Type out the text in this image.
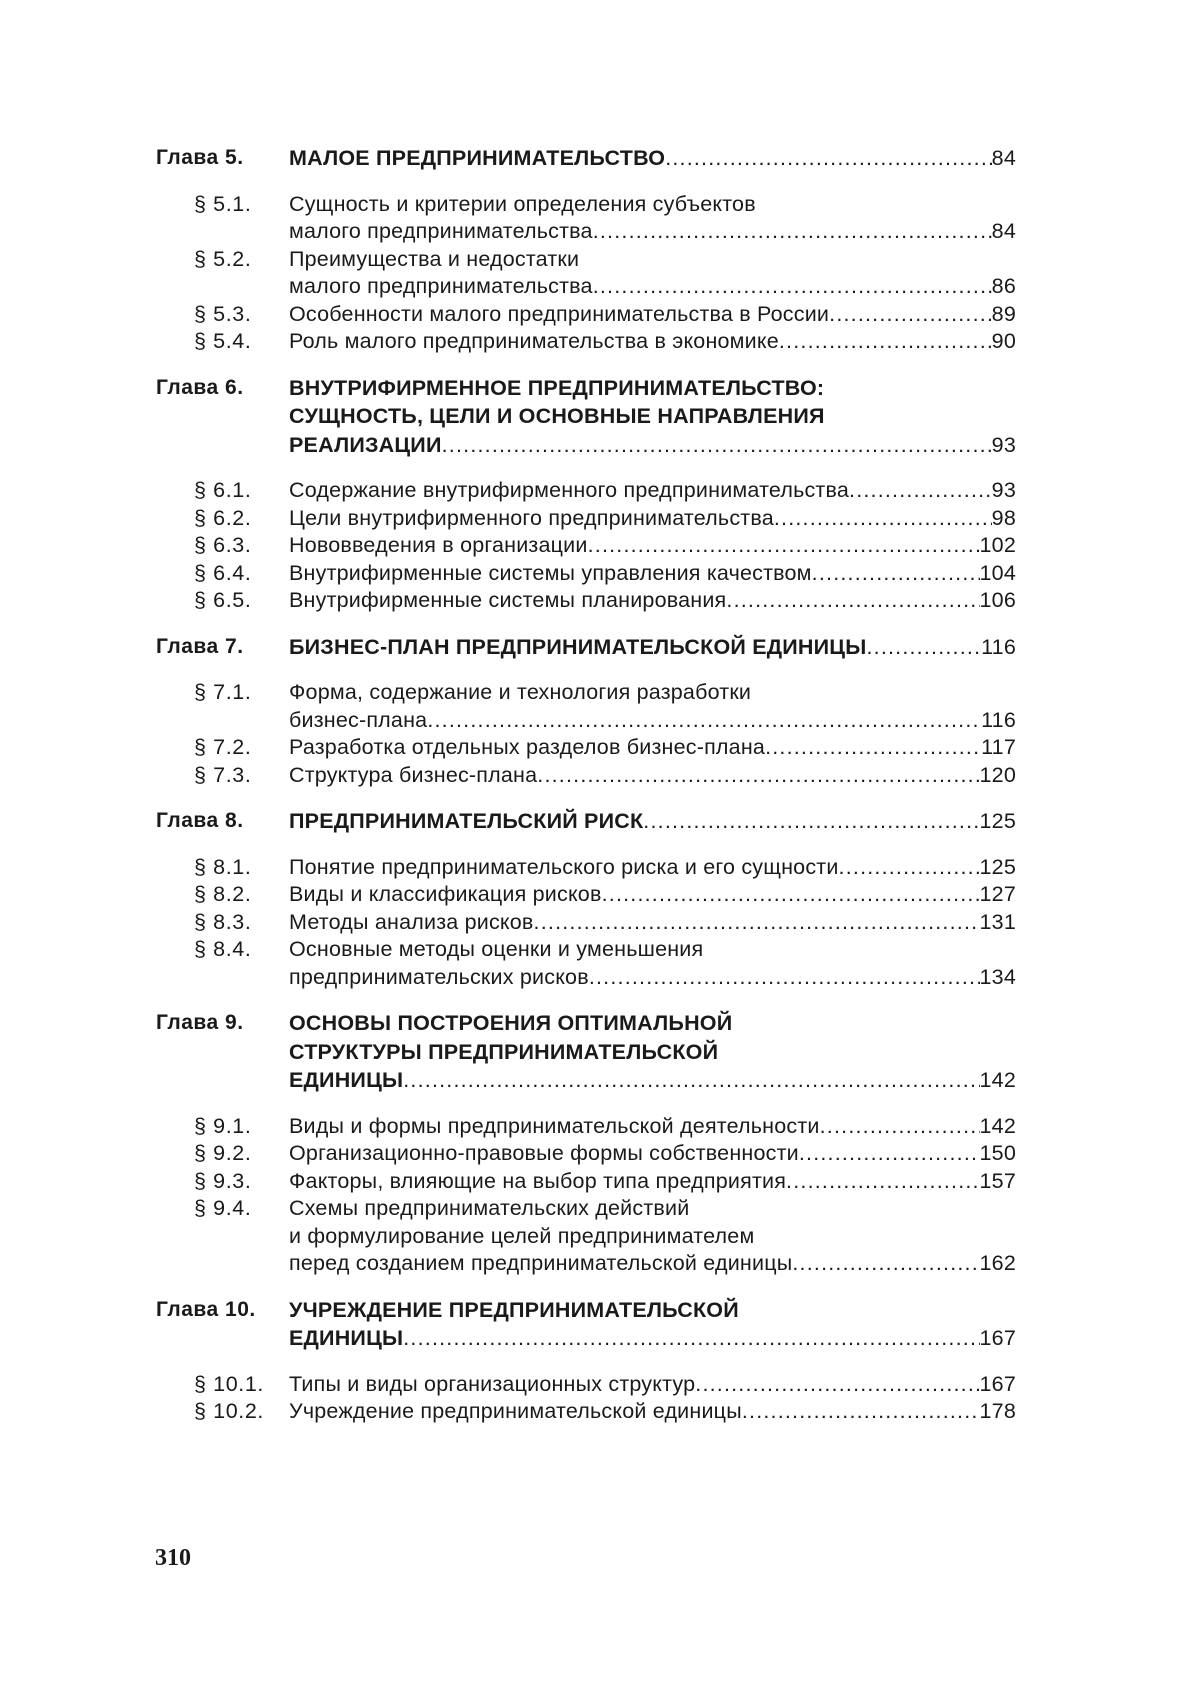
Глава 5.	МАЛОЕ ПРЕДПРИНИМАТЕЛЬСТВО .....	84
§ 5.1.	Сущность и критерии определения субъектов
малого предпринимательства .....	84
§ 5.2.	Преимущества и недостатки
малого предпринимательства .....	86
§ 5.3.	Особенности малого предпринимательства в России .....	89
§ 5.4.	Роль малого предпринимательства в экономике .....	90
Глава 6.	ВНУТРИФИРМЕННОЕ ПРЕДПРИНИМАТЕЛЬСТВО:
СУЩНОСТЬ, ЦЕЛИ И ОСНОВНЫЕ НАПРАВЛЕНИЯ
РЕАЛИЗАЦИИ .....	93
§ 6.1.	Содержание внутрифирменного предпринимательства .....	93
§ 6.2.	Цели внутрифирменного предпринимательства .....	98
§ 6.3.	Нововведения в организации .....	102
§ 6.4.	Внутрифирменные системы управления качеством .....	104
§ 6.5.	Внутрифирменные системы планирования .....	106
Глава 7.	БИЗНЕС-ПЛАН ПРЕДПРИНИМАТЕЛЬСКОЙ ЕДИНИЦЫ .....	116
§ 7.1.	Форма, содержание и технология разработки
бизнес-плана .....	116
§ 7.2.	Разработка отдельных разделов бизнес-плана .....	117
§ 7.3.	Структура бизнес-плана .....	120
Глава 8.	ПРЕДПРИНИМАТЕЛЬСКИЙ РИСК .....	125
§ 8.1.	Понятие предпринимательского риска и его сущности .....	125
§ 8.2.	Виды и классификация рисков .....	127
§ 8.3.	Методы анализа рисков .....	131
§ 8.4.	Основные методы оценки и уменьшения
предпринимательских рисков .....	134
Глава 9.	ОСНОВЫ ПОСТРОЕНИЯ ОПТИМАЛЬНОЙ
СТРУКТУРЫ ПРЕДПРИНИМАТЕЛЬСКОЙ
ЕДИНИЦЫ .....	142
§ 9.1.	Виды и формы предпринимательской деятельности .....	142
§ 9.2.	Организационно-правовые формы собственности .....	150
§ 9.3.	Факторы, влияющие на выбор типа предприятия .....	157
§ 9.4.	Схемы предпринимательских действий
и формулирование целей предпринимателем
перед созданием предпринимательской единицы .....	162
Глава 10.	УЧРЕЖДЕНИЕ ПРЕДПРИНИМАТЕЛЬСКОЙ
ЕДИНИЦЫ .....	167
§ 10.1.	Типы и виды организационных структур .....	167
§ 10.2.	Учреждение предпринимательской единицы .....	178
310
